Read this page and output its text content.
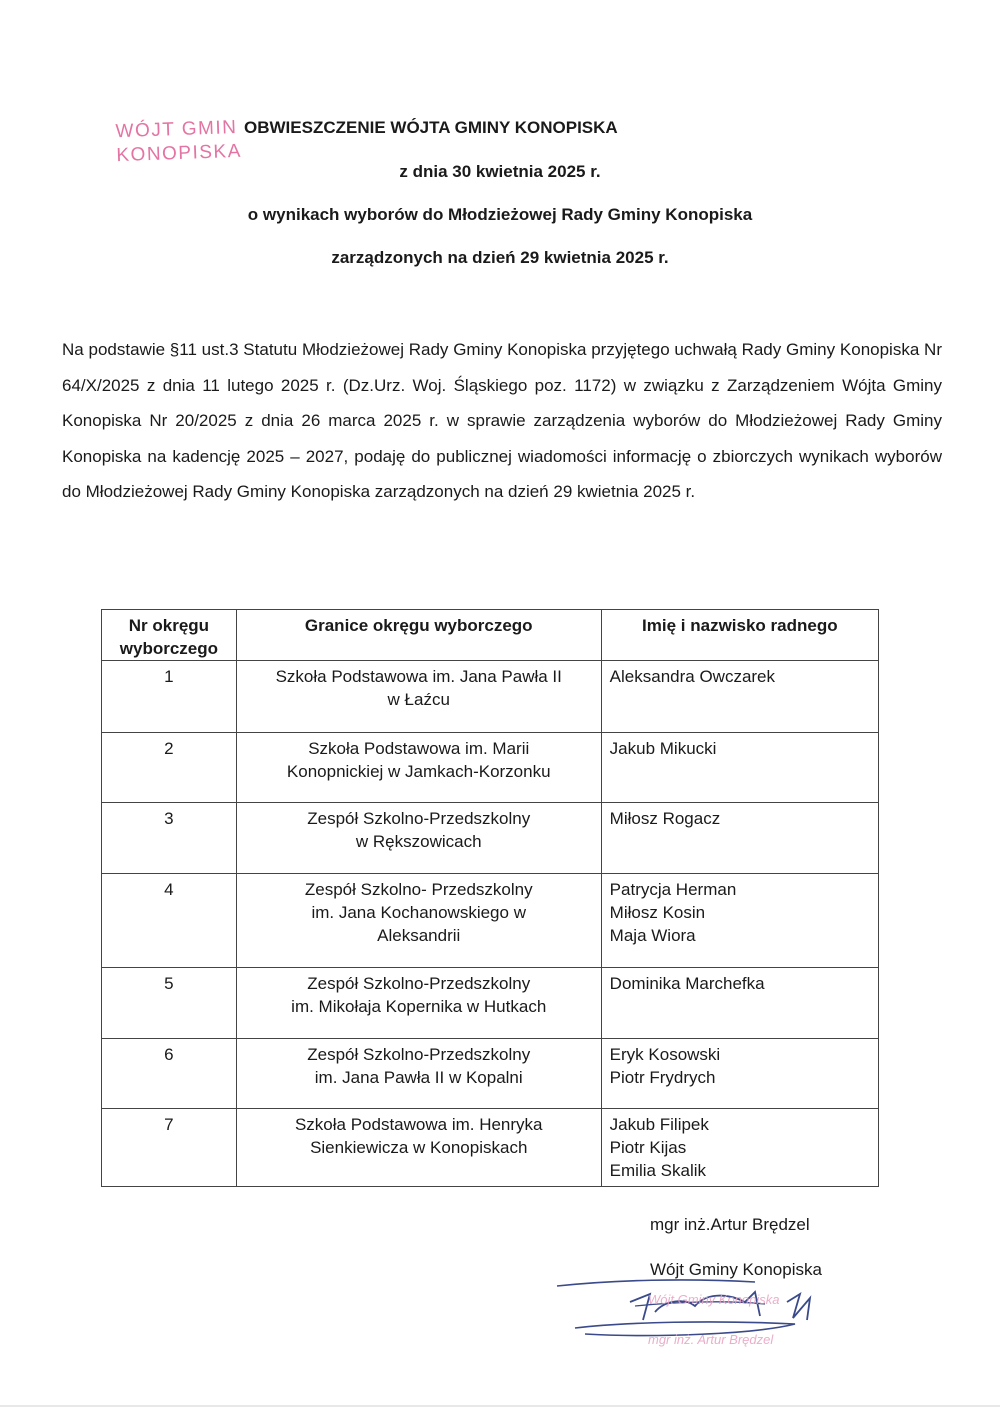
WÓJT GMIN
KONOPISKA
OBWIESZCZENIE WÓJTA GMINY KONOPISKA
z dnia 30 kwietnia 2025 r.
o wynikach wyborów do Młodzieżowej Rady Gminy Konopiska
zarządzonych na dzień 29 kwietnia 2025 r.
Na podstawie §11 ust.3 Statutu Młodzieżowej Rady Gminy Konopiska przyjętego uchwałą Rady Gminy Konopiska Nr 64/X/2025 z dnia 11 lutego 2025 r. (Dz.Urz. Woj. Śląskiego poz. 1172) w związku z Zarządzeniem Wójta Gminy Konopiska Nr 20/2025 z dnia 26 marca 2025 r. w sprawie zarządzenia wyborów do Młodzieżowej Rady Gminy Konopiska na kadencję 2025 – 2027, podaję do publicznej wiadomości informację o zbiorczych wynikach wyborów do Młodzieżowej Rady Gminy Konopiska zarządzonych na dzień 29 kwietnia 2025 r.
Nr okręgu wyborczego	Granice okręgu wyborczego	Imię i nazwisko radnego
1	Szkoła Podstawowa im. Jana Pawła II
w Łaźcu	Aleksandra Owczarek

2	Szkoła Podstawowa im. Marii
Konopnickiej w Jamkach-Korzonku	Jakub Mikucki

3	Zespół Szkolno-Przedszkolny
w Rększowicach	Miłosz Rogacz

4	Zespół Szkolno- Przedszkolny
im. Jana Kochanowskiego w
Aleksandrii	Patrycja Herman
Miłosz Kosin
Maja Wiora

5	Zespół Szkolno-Przedszkolny
im. Mikołaja Kopernika w Hutkach	Dominika Marchefka

6	Zespół Szkolno-Przedszkolny
im. Jana Pawła II w Kopalni	Eryk Kosowski
Piotr Frydrych

7	Szkoła Podstawowa im. Henryka
Sienkiewicza w Konopiskach	Jakub Filipek
Piotr Kijas
Emilia Skalik
mgr inż.Artur Brędzel
Wójt Gminy Konopiska
Wójt Gminy Konopiska
mgr inż. Artur Brędzel
